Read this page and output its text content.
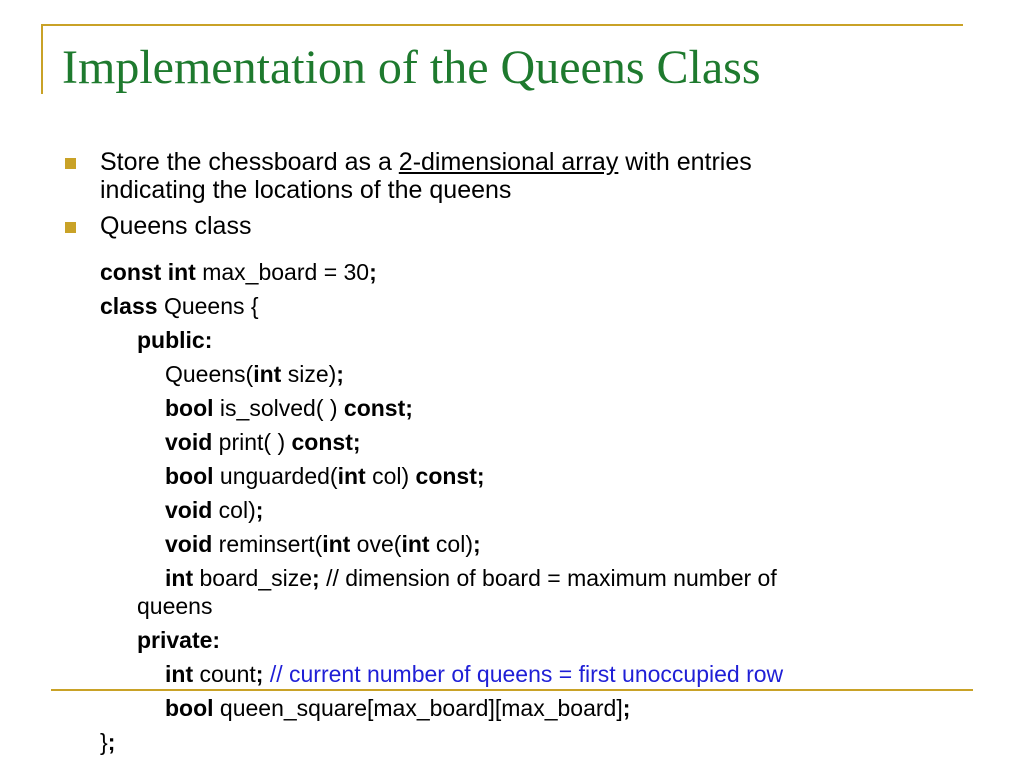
Implementation of the Queens Class
Store the chessboard as a 2-dimensional array with entries
indicating the locations of the queens
Queens class
const int max_board = 30;
class Queens {
public:
Queens(int size);
bool is_solved( ) const;
void print( ) const;
bool unguarded(int col) const;
void col);
void reminsert(int ove(int col);
int board_size; // dimension of board = maximum number of
queens
private:
int count; // current number of queens = first unoccupied row
bool queen_square[max_board][max_board];
};
